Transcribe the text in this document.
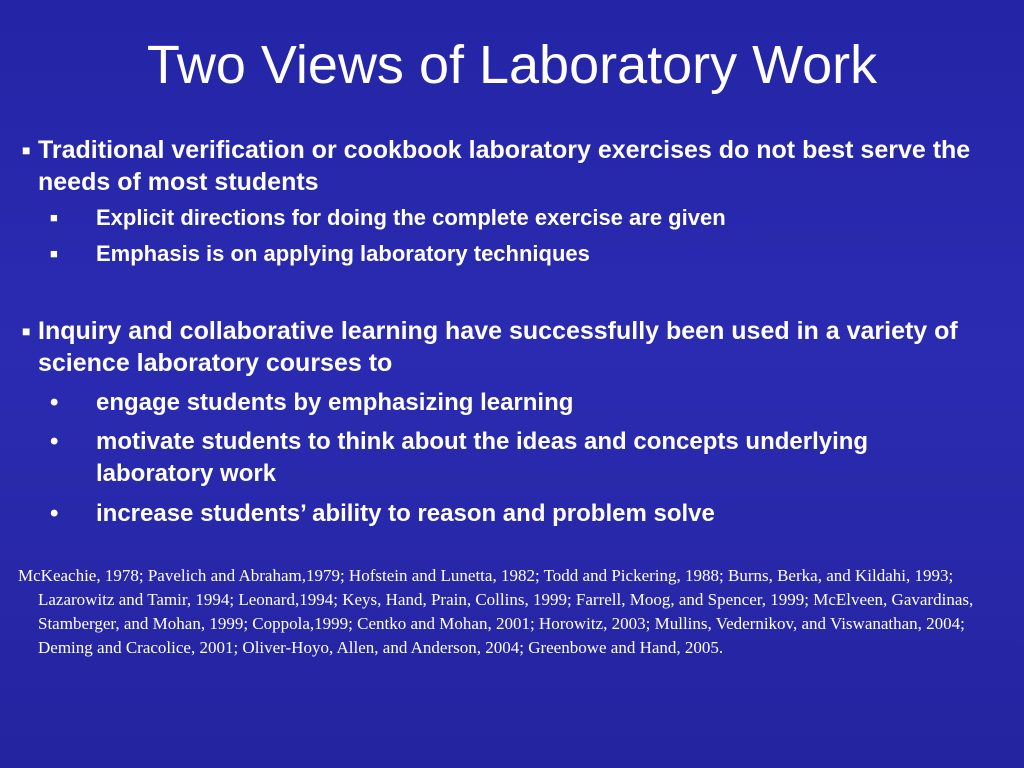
Two Views of Laboratory Work
■ Traditional verification or cookbook laboratory exercises do not best serve the needs of most students
■	Explicit directions for doing the complete exercise are given
■	Emphasis is on applying laboratory techniques
■ Inquiry and collaborative learning have successfully been used in a variety of science laboratory courses to
•	engage students by emphasizing learning
•	motivate students to think about the ideas and concepts underlying laboratory work
•	increase students’ ability to reason and problem solve

McKeachie, 1978; Pavelich and Abraham,1979; Hofstein and Lunetta, 1982; Todd and Pickering, 1988; Burns, Berka, and Kildahi, 1993; Lazarowitz and Tamir, 1994; Leonard,1994; Keys, Hand, Prain, Collins, 1999; Farrell, Moog, and Spencer, 1999; McElveen, Gavardinas, Stamberger, and Mohan, 1999; Coppola,1999; Centko and Mohan, 2001; Horowitz, 2003; Mullins, Vedernikov, and Viswanathan, 2004; Deming and Cracolice, 2001; Oliver-Hoyo, Allen, and Anderson, 2004; Greenbowe and Hand, 2005.
